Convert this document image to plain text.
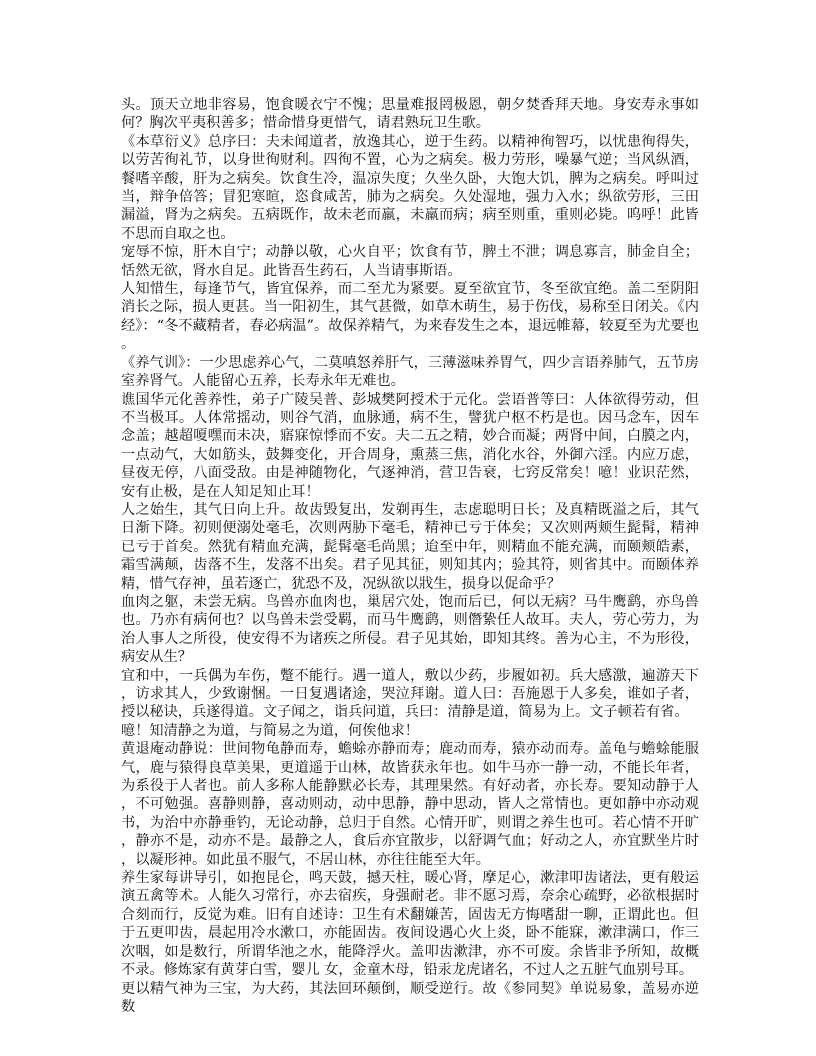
头。顶天立地非容易，饱食暖衣宁不愧；思量难报罔极恩，朝夕焚香拜天地。身安寿永事如何？胸次平夷积善多；惜命惜身更惜气，请君熟玩卫生歌。

《本草衍义》总序曰：夫未闻道者，放逸其心，逆于生药。以精神徇智巧，以忧患徇得失，以劳苦徇礼节，以身世徇财利。四徇不置，心为之病矣。极力劳形，噪暴气逆；当风纵酒，餐嗜辛酸，肝为之病矣。饮食生冷，温凉失度；久坐久卧，大饱大饥，脾为之病矣。呼叫过当，辩争倍答；冒犯寒暄，恣食咸苦，肺为之病矣。久处湿地，强力入水；纵欲劳形，三田漏溢，肾为之病矣。五病既作，故未老而羸，未羸而病；病至则重，重则必毙。呜呼！此皆不思而自取之也。

宠辱不惊，肝木自宁；动静以敬，心火自平；饮食有节，脾土不泄；调息寡言，肺金自全；恬然无欲，肾水自足。此皆吾生药石，人当请事斯语。

人知惜生，每逢节气，皆宜保养，而二至尤为紧要。夏至欲宜节，冬至欲宜绝。盖二至阴阳消长之际，损人更甚。当一阳初生，其气甚微，如草木萌生，易于伤伐，易称至日闭关。《内经》：“冬不藏精者，春必病温”。故保养精气，为来春发生之本，退远帷幕，较夏至为尤要也。

《养气训》：一少思虑养心气，二莫嗔怒养肝气，三薄滋味养胃气，四少言语养肺气，五节房室养肾气。人能留心五养，长寿永年无难也。

谯国华元化善养性，弟子广陵吴普、彭城樊阿授术于元化。尝语普等曰：人体欲得劳动，但不当极耳。人体常摇动，则谷气消，血脉通，病不生，譬犹户枢不朽是也。因马念车，因车念盖；越超嗄嘿而未决，寤寐惊悸而不安。夫二五之精，妙合而凝；两肾中间，白膜之内，一点动气，大如筋头，鼓舞变化，开合周身，熏蒸三焦，消化水谷，外御六淫。内应万虑，昼夜无停，八面受敌。由是神随物化，气逐神消，营卫告衰，七窍反常矣！噫！业识茫然，安有止极，是在人知足知止耳！

人之始生，其气日向上升。故齿毁复出，发剃再生，志虑聪明日长；及真精既溢之后，其气日渐下降。初则便溺处毫毛，次则两胁下毫毛，精神已亏于体矣；又次则两颊生髭髯，精神已亏于首矣。然犹有精血充满，髭髯毫毛尚黑；迨至中年，则精血不能充满，而颐颊皓素，霜雪满颠，齿落不生，发落不出矣。君子见其征，则知其内；验其符，则省其中。而颐体养精，惜气存神，虽若逐亡，犹恐不及，况纵欲以戕生，损身以促命乎？

血肉之躯，未尝无病。鸟兽亦血肉也，巢居穴处，饱而后已，何以无病？马牛鹰鹞，亦鸟兽也。乃亦有病何也？以鸟兽未尝受羁，而马牛鹰鹞，则僭絷任人故耳。夫人，劳心劳力，为治人事人之所役，使安得不为诸疾之所侵。君子见其始，即知其终。善为心主，不为形役，病安从生？

宜和中，一兵偶为车伤，蹩不能行。遇一道人，敷以少药，步履如初。兵大感激，遍游天下，访求其人，少致谢悃。一日复遇诸途，哭泣拜谢。道人曰：吾施恩于人多矣，谁如子者，授以秘诀，兵遂得道。文子闻之，诣兵问道，兵曰：清静是道，简易为上。文子顿若有省。

噫！知清静之为道，与简易之为道，何俟他求！

黄退庵动静说：世间物龟静而寿，蟾蜍亦静而寿；鹿动而寿，猿亦动而寿。盖龟与蟾蜍能服气，鹿与猿得良草美果，更道遥于山林，故皆获永年也。如牛马亦一静一动，不能长年者，为系役于人者也。前人多称人能静默必长寿，其理果然。有好动者，亦长寿。要知动静于人，不可勉强。喜静则静，喜动则动，动中思静，静中思动，皆人之常情也。更如静中亦动观书，为治中亦静垂钓，无论动静，总归于自然。心情开旷，则谓之养生也可。若心情不开旷，静亦不是，动亦不是。最静之人，食后亦宜散步，以舒调气血；好动之人，亦宜默坐片时，以凝形神。如此虽不服气，不居山林，亦往往能至大年。

养生家每讲导引，如抱昆仑，鸣天鼓，撼天柱，暖心肾，摩足心，漱津叩齿诸法，更有般运演五禽等术。人能久习常行，亦去宿疾，身强耐老。非不愿习焉，奈余心疏野，必欲根据时合刻而行，反觉为难。旧有自述诗：卫生有术翻嫌苦，固齿无方悔嗜甜一聊，正谓此也。但于五更叩齿，晨起用冷水漱口，亦能固齿。夜间设遇心火上炎，卧不能寐，漱津满口，作三次咽，如是数行，所谓华池之水，能降浮火。盖叩齿漱津，亦不可废。余皆非予所知，故概不录。修炼家有黄芽白雪，婴儿 女，金童木母，铅汞龙虎诸名，不过人之五脏气血别号耳。

更以精气神为三宝，为大药，其法回环颠倒，顺受逆行。故《参同契》单说易象，盖易亦逆数
